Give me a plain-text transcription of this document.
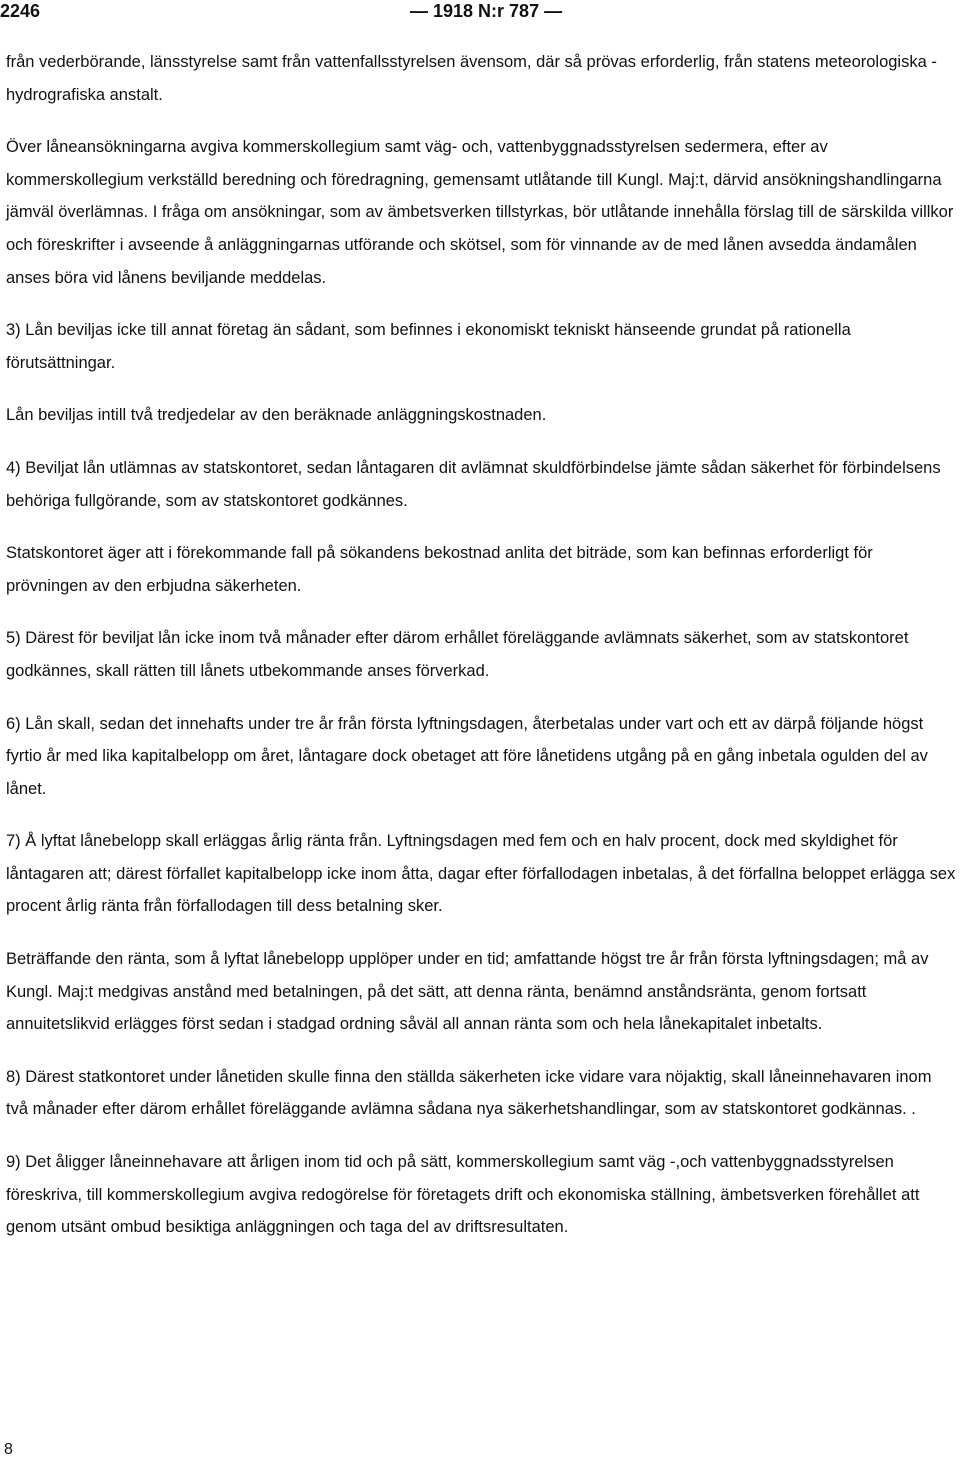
2246	— 1918 N:r 787 —

från vederbörande, länsstyrelse samt från vattenfallsstyrelsen ävensom, där så prövas erforderlig, från statens meteorologiska - hydrografiska anstalt.

Över låneansökningarna avgiva kommerskollegium samt väg- och, vattenbyggnadsstyrelsen sedermera, efter av kommerskollegium verkställd beredning och föredragning, gemensamt utlåtande till Kungl. Maj:t, därvid ansökningshandlingarna jämväl överlämnas. I fråga om ansökningar, som av ämbetsverken tillstyrkas, bör utlåtande innehålla förslag till de särskilda villkor och föreskrifter i avseende å anläggningarnas utförande och skötsel, som för vinnande av de med lånen avsedda ändamålen anses böra vid lånens beviljande meddelas.

3) Lån beviljas icke till annat företag än sådant, som befinnes i ekonomiskt tekniskt hänseende grundat på rationella förutsättningar.

Lån beviljas intill två tredjedelar av den beräknade anläggningskostnaden.

4) Beviljat lån utlämnas av statskontoret, sedan låntagaren dit avlämnat skuldförbindelse jämte sådan säkerhet för förbindelsens behöriga fullgörande, som av statskontoret godkännes.

Statskontoret äger att i förekommande fall på sökandens bekostnad anlita det biträde, som kan befinnas erforderligt för prövningen av den erbjudna säkerheten.

5) Därest för beviljat lån icke inom två månader efter därom erhållet föreläggande avlämnats säkerhet, som av statskontoret godkännes, skall rätten till lånets utbekommande anses förverkad.

6) Lån skall, sedan det innehafts under tre år från första lyftningsdagen, återbetalas under vart och ett av därpå följande högst fyrtio år med lika kapitalbelopp om året, låntagare dock obetaget att före lånetidens utgång på en gång inbetala ogulden del av lånet.

7) Å lyftat lånebelopp skall erläggas årlig ränta från. Lyftningsdagen med fem och en halv procent, dock med skyldighet för låntagaren att; därest förfallet kapitalbelopp icke inom åtta, dagar efter förfallodagen inbetalas, å det förfallna beloppet erlägga sex procent årlig ränta från förfallodagen till dess betalning sker.

Beträffande den ränta, som å lyftat lånebelopp upplöper under en tid; amfattande högst tre år från första lyftningsdagen; må av Kungl. Maj:t medgivas anstånd med betalningen, på det sätt, att denna ränta, benämnd anståndsränta, genom fortsatt annuitetslikvid erlägges först sedan i stadgad ordning såväl all annan ränta som och hela lånekapitalet inbetalts.

8) Därest statkontoret under lånetiden skulle finna den ställda säkerheten icke vidare vara nöjaktig, skall låneinnehavaren inom två månader efter därom erhållet föreläggande avlämna sådana nya säkerhetshandlingar, som av statskontoret godkännas. .

9) Det åligger låneinnehavare att årligen inom tid och på sätt, kommerskollegium samt väg -,och vattenbyggnadsstyrelsen föreskriva, till kommerskollegium avgiva redogörelse för företagets drift och ekonomiska ställning, ämbetsverken förehållet att genom utsänt ombud besiktiga anläggningen och taga del av driftsresultaten.

8
